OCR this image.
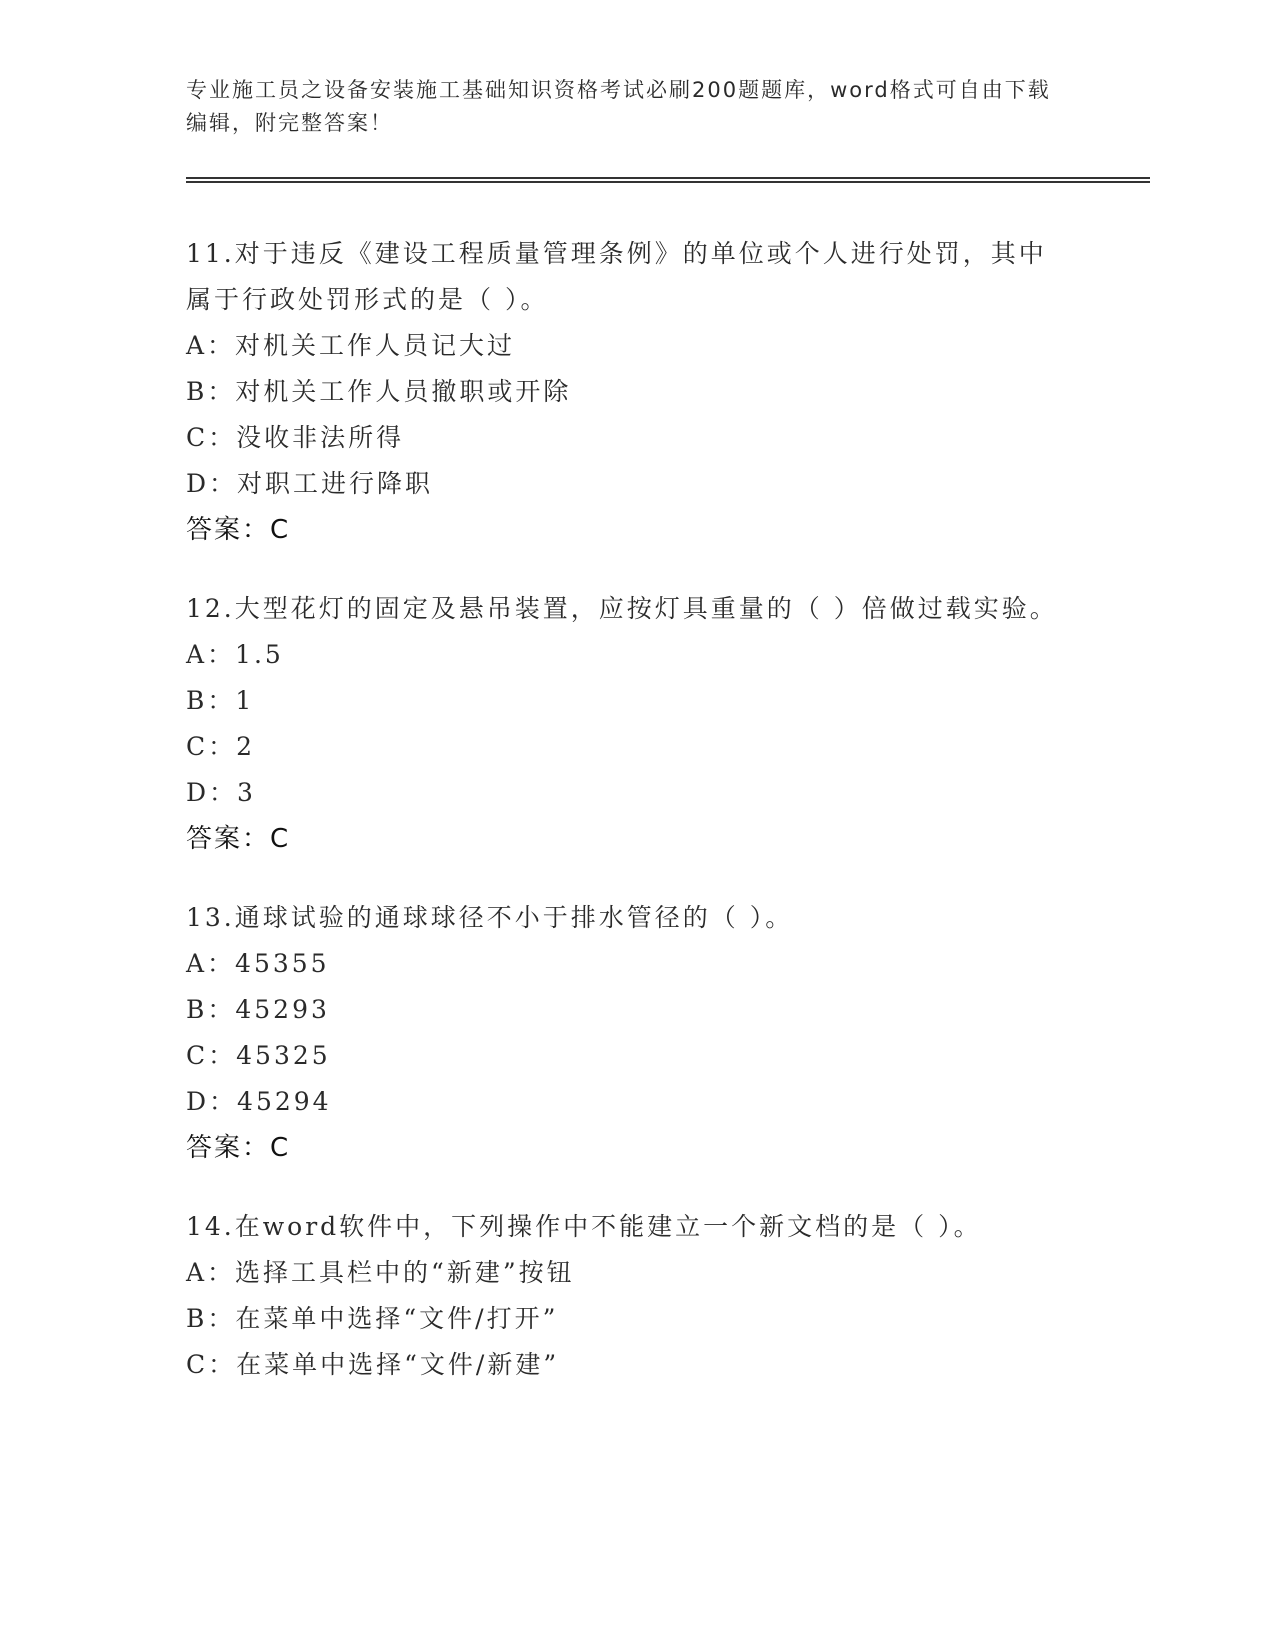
专业施工员之设备安装施工基础知识资格考试必刷200题题库，word格式可自由下载编辑，附完整答案！
11.对于违反《建设工程质量管理条例》的单位或个人进行处罚，其中属于行政处罚形式的是（ ）。
A：对机关工作人员记大过
B：对机关工作人员撤职或开除
C：没收非法所得
D：对职工进行降职
答案：C
12.大型花灯的固定及悬吊装置，应按灯具重量的（ ）倍做过载实验。
A：1.5
B：1
C：2
D：3
答案：C
13.通球试验的通球球径不小于排水管径的（ ）。
A：45355
B：45293
C：45325
D：45294
答案：C
14.在word软件中，下列操作中不能建立一个新文档的是（ ）。
A：选择工具栏中的“新建”按钮
B：在菜单中选择“文件/打开”
C：在菜单中选择“文件/新建”
